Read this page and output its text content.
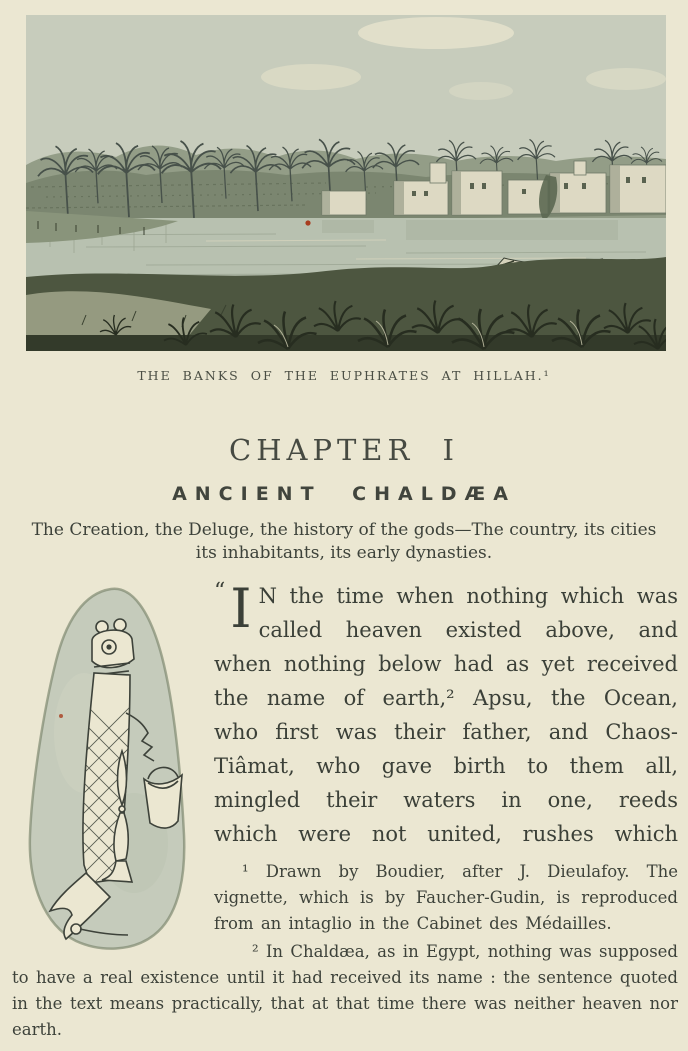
THE BANKS OF THE EUPHRATES AT HILLAH.¹
CHAPTER I
ANCIENT CHALDÆA
The Creation, the Deluge, the history of the gods—The country, its cities
its inhabitants, its early dynasties.

“ I N the time when nothing which was called heaven existed above, and when nothing below had as yet received the name of earth,² Apsu, the Ocean, who first was their father, and Chaos-Tiâmat, who gave birth to them all, mingled their waters in one, reeds which were not united, rushes which

¹ Drawn by Boudier, after J. Dieulafoy. The vignette, which is by Faucher-Gudin, is reproduced from an intaglio in the Cabinet des Médailles.

² In Chaldæa, as in Egypt, nothing was supposed to have a real existence until it had received its name : the sentence quoted in the text means practically, that at that time there was neither heaven nor earth.
